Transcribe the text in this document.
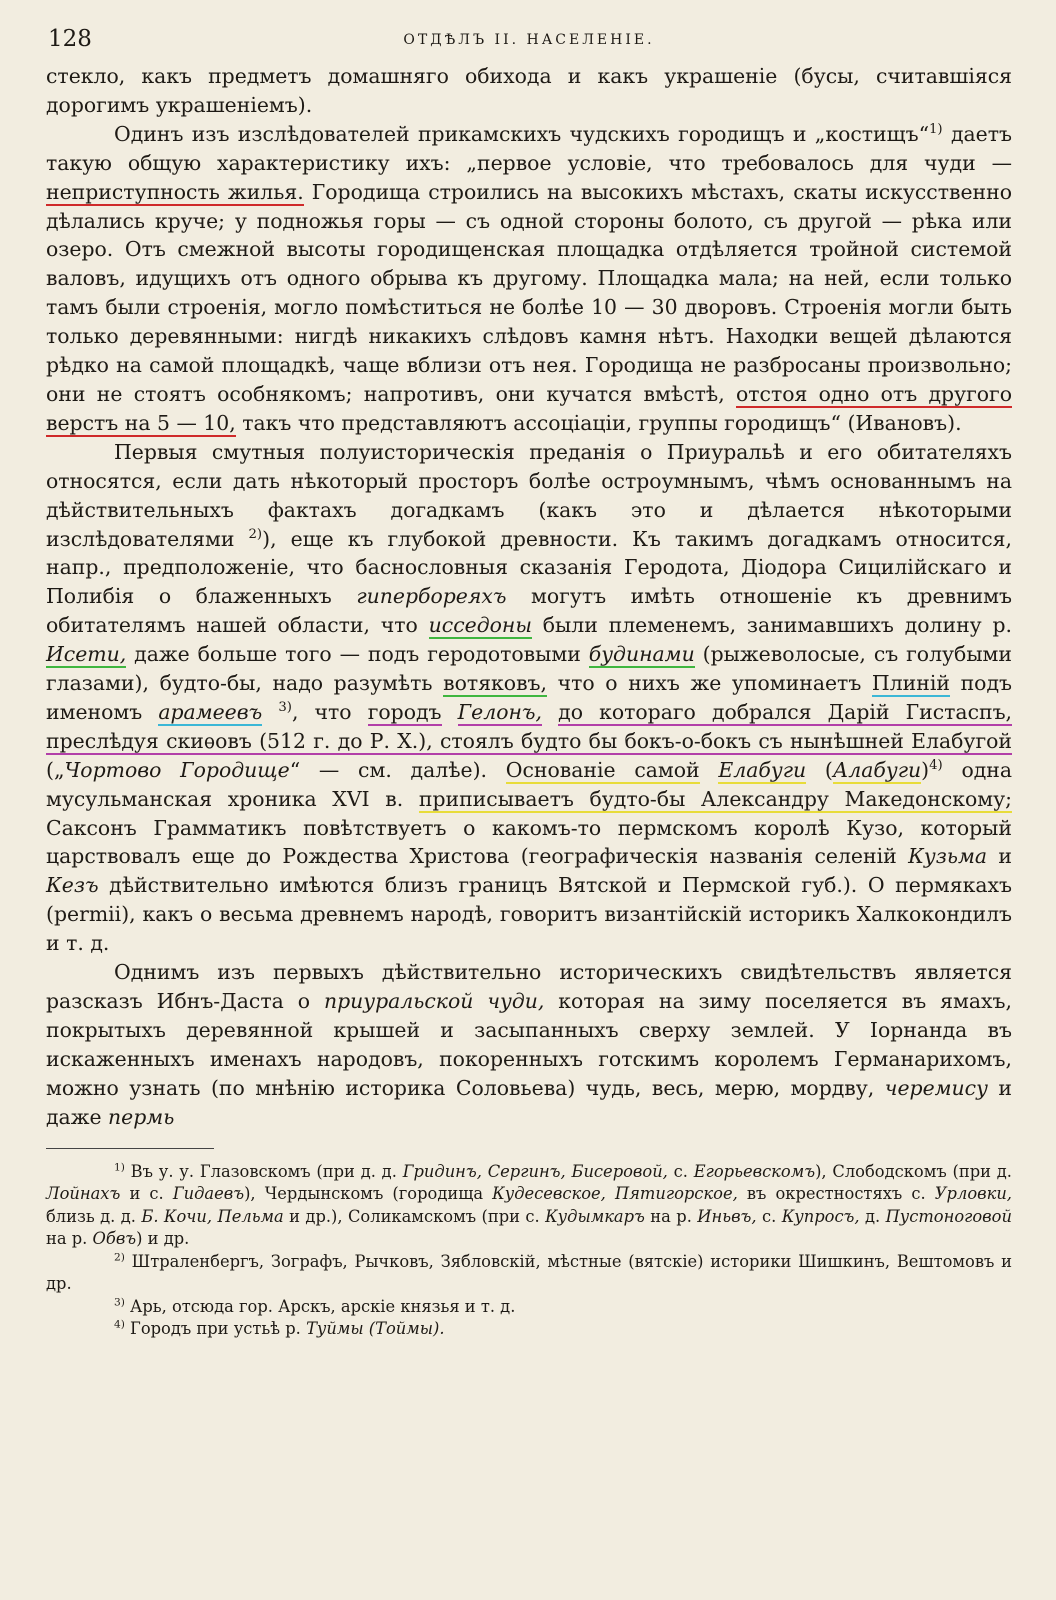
128	ОТДѢЛЪ II. НАСЕЛЕНІЕ.

стекло, какъ предметъ домашняго обихода и какъ украшеніе (бусы, считавшіяся дорогимъ украшеніемъ).

Одинъ изъ изслѣдователей прикамскихъ чудскихъ городищъ и „костищъ“$^{1)}$ даетъ такую общую характеристику ихъ: „первое условіе, что требовалось для чуди — неприступность жилья. Городища строились на высокихъ мѣстахъ, скаты искусственно дѣлались круче; у подножья горы — съ одной стороны болото, съ другой — рѣка или озеро. Отъ смежной высоты городищенская площадка отдѣляется тройной системой валовъ, идущихъ отъ одного обрыва къ другому. Площадка мала; на ней, если только тамъ были строенія, могло помѣститься не болѣе 10 — 30 дворовъ. Строенія могли быть только деревянными: нигдѣ никакихъ слѣдовъ камня нѣтъ. Находки вещей дѣлаются рѣдко на самой площадкѣ, чаще вблизи отъ нея. Городища не разбросаны произвольно; они не стоятъ особнякомъ; напротивъ, они кучатся вмѣстѣ, отстоя одно отъ другого верстъ на 5 — 10, такъ что представляютъ ассоціаціи, группы городищъ“ (Ивановъ).

Первыя смутныя полуисторическія преданія о Приуральѣ и его обитателяхъ относятся, если дать нѣкоторый просторъ болѣе остроумнымъ, чѣмъ основаннымъ на дѣйствительныхъ фактахъ догадкамъ (какъ это и дѣлается нѣкоторыми изслѣдователями $^{2)}$), еще къ глубокой древности. Къ такимъ догадкамъ относится, напр., предположеніе, что баснословныя сказанія Геродота, Діодора Сицилійскаго и Полибія о блаженныхъ гипербореяхъ могутъ имѣть отношеніе къ древнимъ обитателямъ нашей области, что исседоны были племенемъ, занимавшихъ долину р. Исети, даже больше того — подъ геродотовыми будинами (рыжеволосые, съ голубыми глазами), будто-бы, надо разумѣть вотяковъ, что о нихъ же упоминаетъ Плиній подъ именомъ арамеевъ $^{3)}$, что городъ Гелонъ, до котораго добрался Дарій Гистаспъ, преслѣдуя скиѳовъ (512 г. до Р. Х.), стоялъ будто бы бокъ-о-бокъ съ нынѣшней Елабугой („Чортово Городище“ — см. далѣе). Основаніе самой Елабуги (Алабуги)$^{4)}$ одна мусульманская хроника XVI в. приписываетъ будто-бы Александру Македонскому; Саксонъ Грамматикъ повѣтствуетъ о какомъ-то пермскомъ королѣ Кузо, который царствовалъ еще до Рождества Христова (географическія названія селеній Кузьма и Кезъ дѣйствительно имѣются близъ границъ Вятской и Пермской губ.). О пермякахъ (permii), какъ о весьма древнемъ народѣ, говоритъ византійскій историкъ Халкокондилъ и т. д.

Однимъ изъ первыхъ дѣйствительно историческихъ свидѣтельствъ является разсказъ Ибнъ-Даста о приуральской чуди, которая на зиму поселяется въ ямахъ, покрытыхъ деревянной крышей и засыпанныхъ сверху землей. У Іорнанда въ искаженныхъ именахъ народовъ, покоренныхъ готскимъ королемъ Германарихомъ, можно узнать (по мнѣнію историка Соловьева) чудь, весь, мерю, мордву, черемису и даже пермь

$^{1)}$ Въ у. у. Глазовскомъ (при д. д. Гридинъ, Сергинъ, Бисеровой, с. Егорьевскомъ), Слободскомъ (при д. Лойнахъ и с. Гидаевъ), Чердынскомъ (городища Кудесевское, Пятигорское, въ окрестностяхъ с. Урловки, близь д. д. Б. Кочи, Пельма и др.), Соликамскомъ (при с. Кудымкаръ на р. Иньвъ, с. Купросъ, д. Пустоноговой на р. Обвъ) и др.

$^{2)}$ Штраленбергъ, Зографъ, Рычковъ, Зябловскій, мѣстные (вятскіе) историки Шишкинъ, Вештомовъ и др.

$^{3)}$ Арь, отсюда гор. Арскъ, арскіе князья и т. д.

$^{4)}$ Городъ при устьѣ р. Туймы (Тоймы).
